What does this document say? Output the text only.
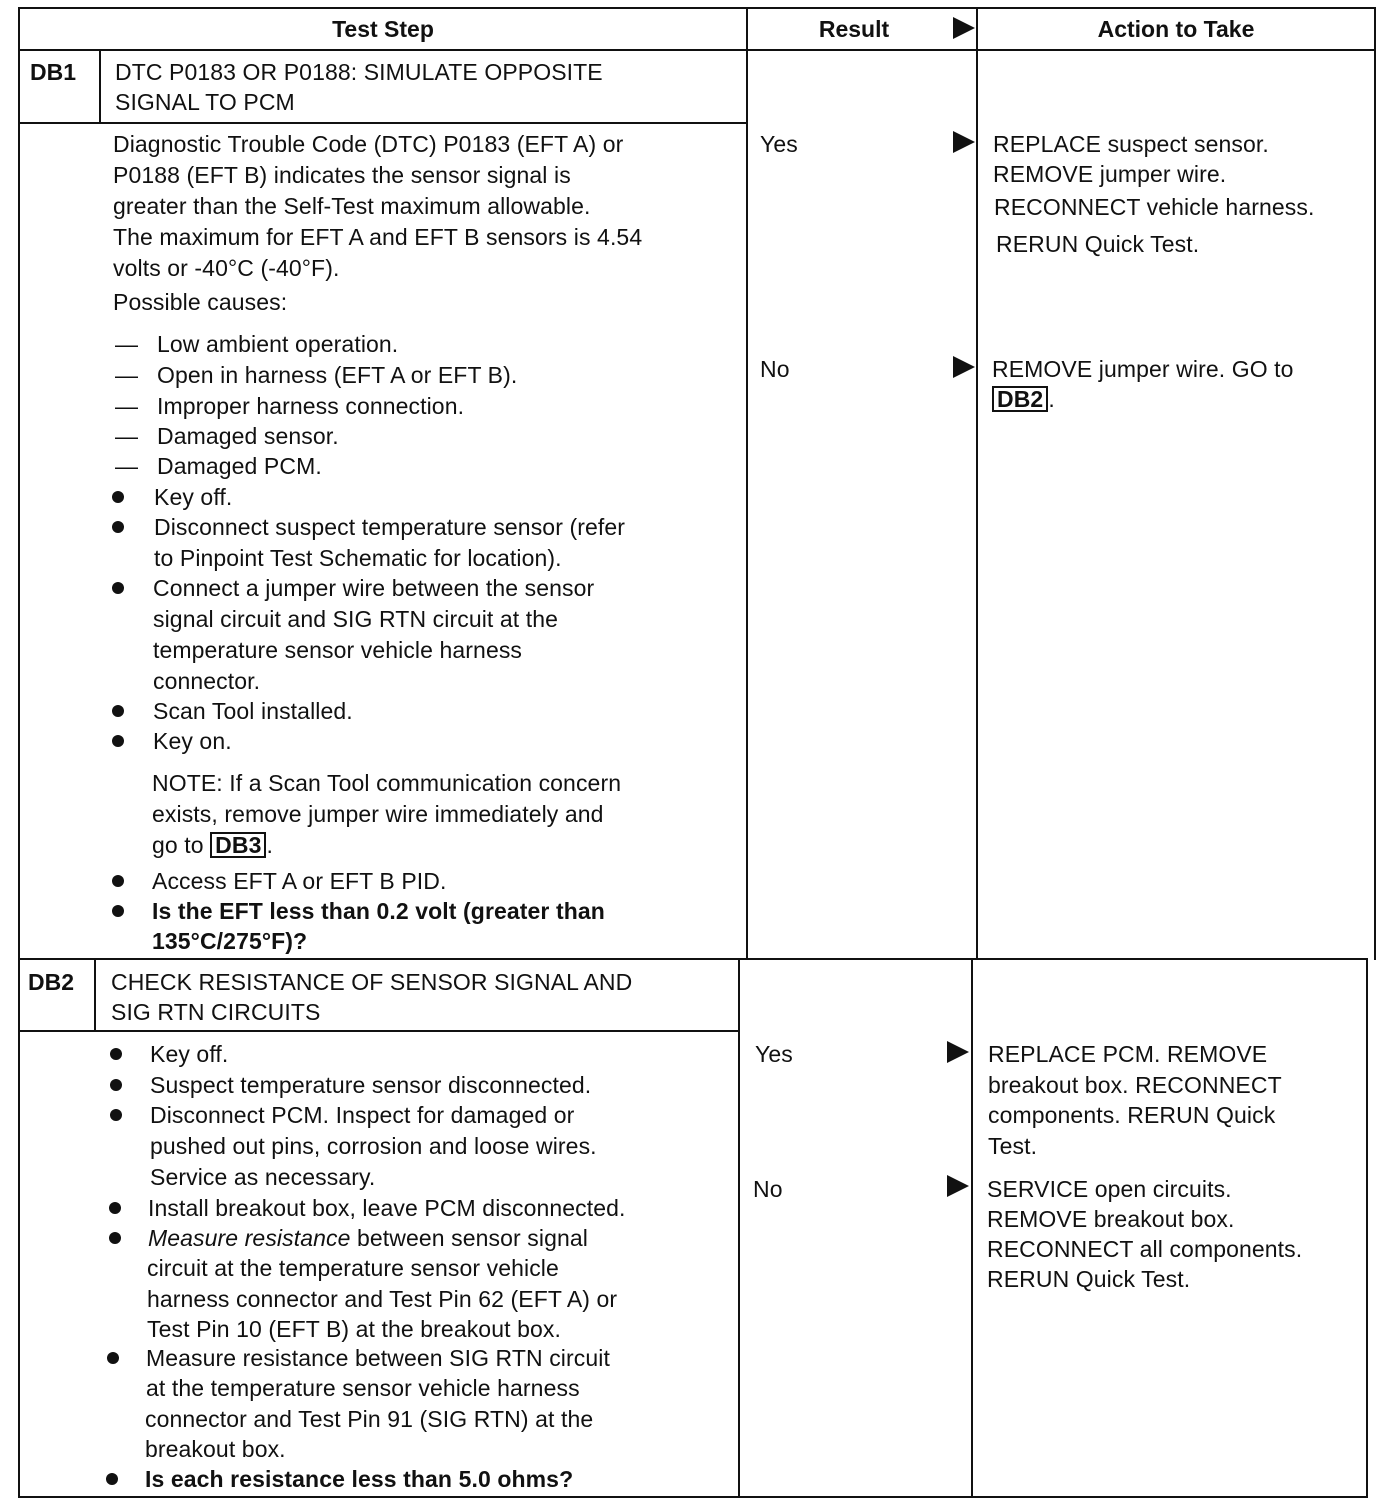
Test Step	Result	Action to Take
DB1 DTC P0183 OR P0188: SIMULATE OPPOSITE
SIGNAL TO PCM
Diagnostic Trouble Code (DTC) P0183 (EFT A) or
P0188 (EFT B) indicates the sensor signal is
greater than the Self-Test maximum allowable.
The maximum for EFT A and EFT B sensors is 4.54
volts or -40°C (-40°F).
Possible causes:
— Low ambient operation.
— Open in harness (EFT A or EFT B).
— Improper harness connection.
— Damaged sensor.
— Damaged PCM.
Key off.
Disconnect suspect temperature sensor (refer
to Pinpoint Test Schematic for location).
Connect a jumper wire between the sensor
signal circuit and SIG RTN circuit at the
temperature sensor vehicle harness
connector.
Scan Tool installed.
Key on.
NOTE: If a Scan Tool communication concern
exists, remove jumper wire immediately and
go to DB3 .
Access EFT A or EFT B PID.
Is the EFT less than 0.2 volt (greater than
135°C/275°F)?
Yes
No
REPLACE suspect sensor.
REMOVE jumper wire.
RECONNECT vehicle harness.
RERUN Quick Test.
REMOVE jumper wire. GO to
DB2 .
DB2 CHECK RESISTANCE OF SENSOR SIGNAL AND
SIG RTN CIRCUITS
Key off.
Suspect temperature sensor disconnected.
Disconnect PCM. Inspect for damaged or
pushed out pins, corrosion and loose wires.
Service as necessary.
Install breakout box, leave PCM disconnected.
Measure resistance between sensor signal
circuit at the temperature sensor vehicle
harness connector and Test Pin 62 (EFT A) or
Test Pin 10 (EFT B) at the breakout box.
Measure resistance between SIG RTN circuit
at the temperature sensor vehicle harness
connector and Test Pin 91 (SIG RTN) at the
breakout box.
Is each resistance less than 5.0 ohms?
Yes
No
REPLACE PCM. REMOVE
breakout box. RECONNECT
components. RERUN Quick
Test.
SERVICE open circuits.
REMOVE breakout box.
RECONNECT all components.
RERUN Quick Test.
